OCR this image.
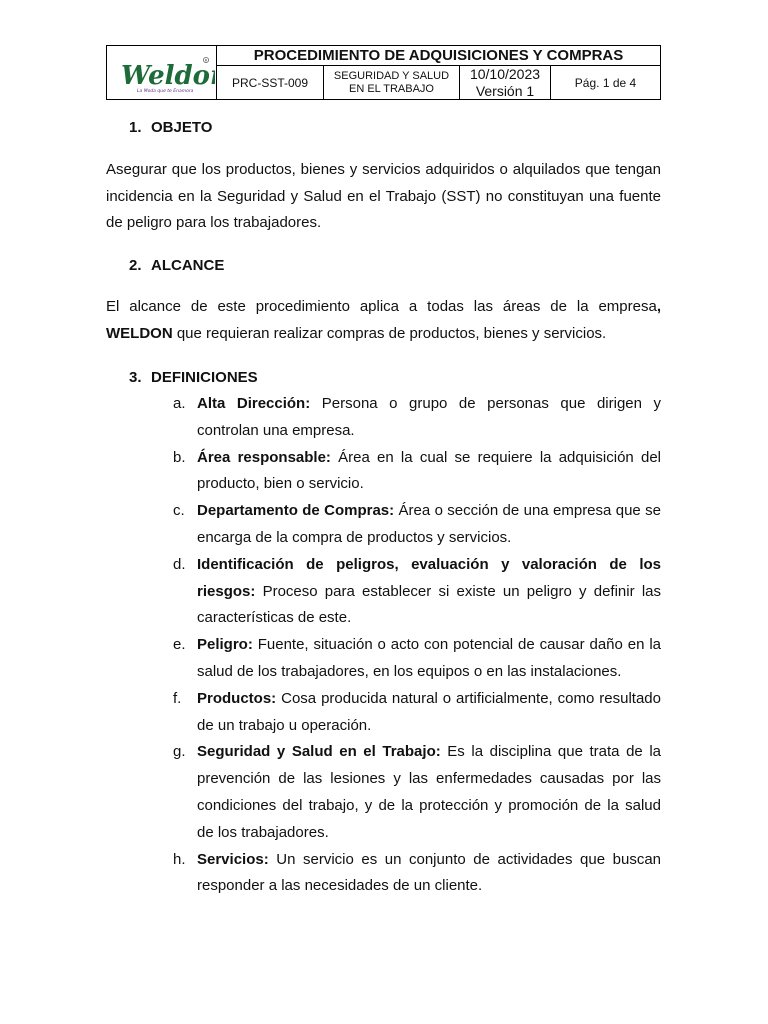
Weldo
La Moda que te Enamora
R	PROCEDIMIENTO DE ADQUISICIONES Y COMPRAS
PRC-SST-009 SEGURIDAD Y SALUD
EN EL TRABAJO
10/10/2023
Versión 1	Pág. 1 de 4
1. OBJETO
Asegurar que los productos, bienes y servicios adquiridos o alquilados que tengan
incidencia en la Seguridad y Salud en el Trabajo (SST) no constituyan una fuente
de peligro para los trabajadores.
2. ALCANCE
El alcance de este procedimiento aplica a todas las áreas de la empresa,
WELDON que requieran realizar compras de productos, bienes y servicios.
3. DEFINICIONES
a. Alta Dirección: Persona o grupo de personas que dirigen y
controlan una empresa.
b. Área responsable: Área en la cual se requiere la adquisición del
producto, bien o servicio.
c. Departamento de Compras: Área o sección de una empresa que se
encarga de la compra de productos y servicios.
d. Identificación de peligros, evaluación y valoración de los
riesgos: Proceso para establecer si existe un peligro y definir las
características de este.
e. Peligro: Fuente, situación o acto con potencial de causar daño en la
salud de los trabajadores, en los equipos o en las instalaciones.
f. Productos: Cosa producida natural o artificialmente, como resultado
de un trabajo u operación.
g. Seguridad y Salud en el Trabajo: Es la disciplina que trata de la
prevención de las lesiones y las enfermedades causadas por las
condiciones del trabajo, y de la protección y promoción de la salud
de los trabajadores.
h. Servicios: Un servicio es un conjunto de actividades que buscan
responder a las necesidades de un cliente.
